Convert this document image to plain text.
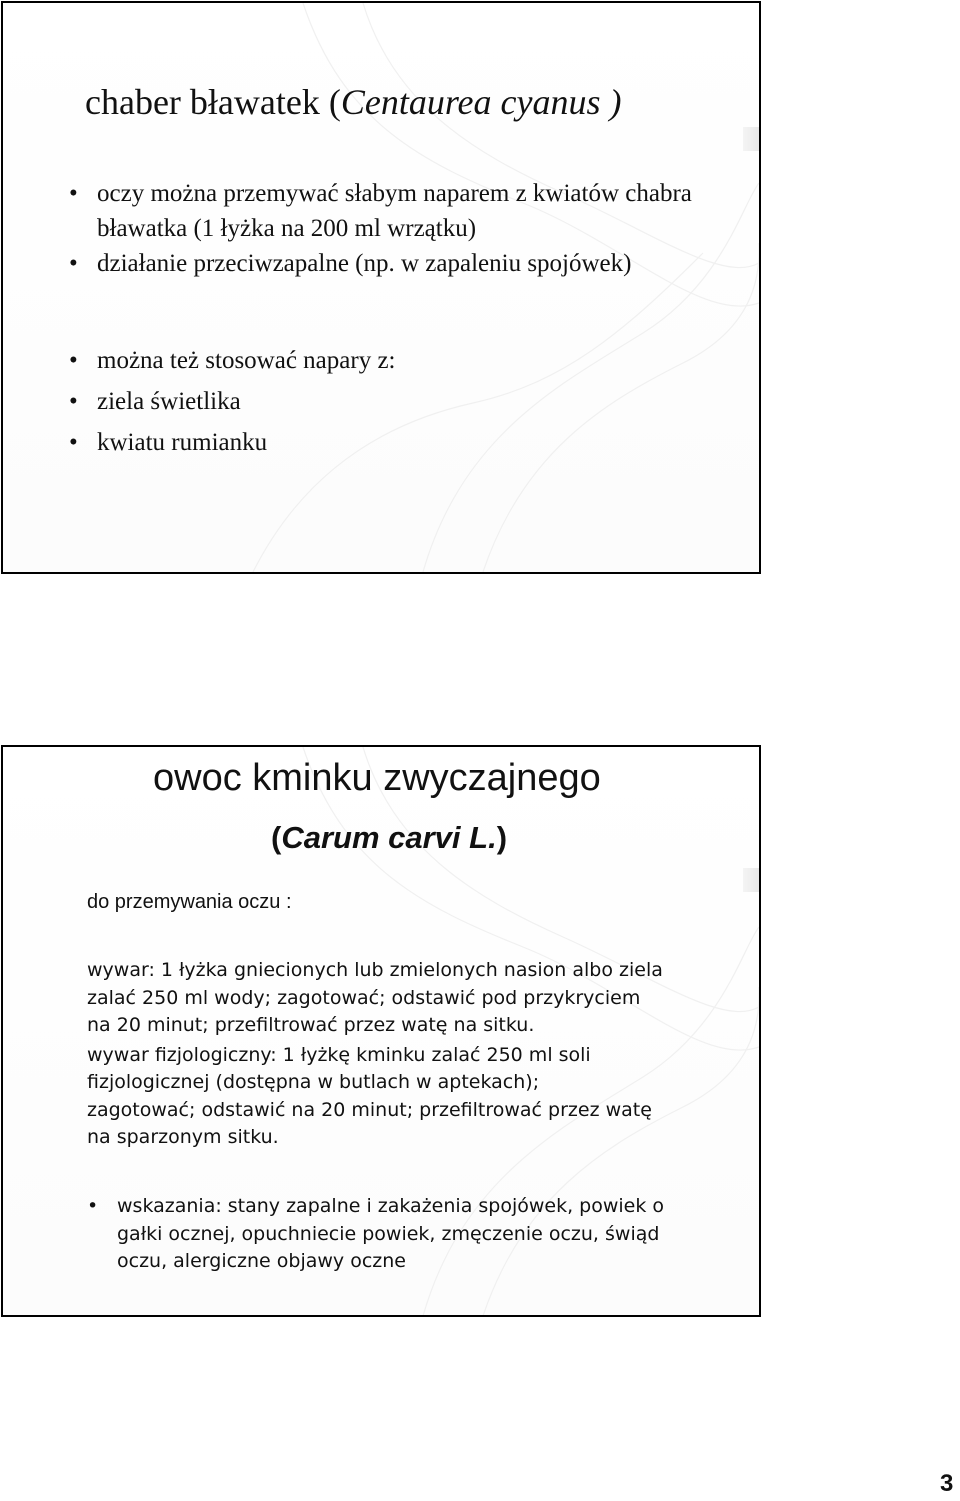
chaber bławatek (Centaurea cyanus )
• oczy można przemywać słabym naparem z kwiatów chabra bławatka (1 łyżka na 200 ml wrzątku)
• działanie przeciwzapalne (np. w zapaleniu spojówek)
• można też stosować napary z:
• ziela świetlika
• kwiatu rumianku
owoc kminku zwyczajnego
(Carum carvi L.)
do przemywania oczu :

wywar: 1 łyżka gniecionych lub zmielonych nasion albo ziela
zalać 250 ml wody; zagotować; odstawić pod przykryciem
na 20 minut; przefiltrować przez watę na sitku.

wywar fizjologiczny: 1 łyżkę kminku zalać 250 ml soli
fizjologicznej (dostępna w butlach w aptekach);
zagotować; odstawić na 20 minut; przefiltrować przez watę
na sparzonym sitku.

• wskazania: stany zapalne i zakażenia spojówek, powiek o
gałki ocznej, opuchniecie powiek, zmęczenie oczu, świąd
oczu, alergiczne objawy oczne
3
